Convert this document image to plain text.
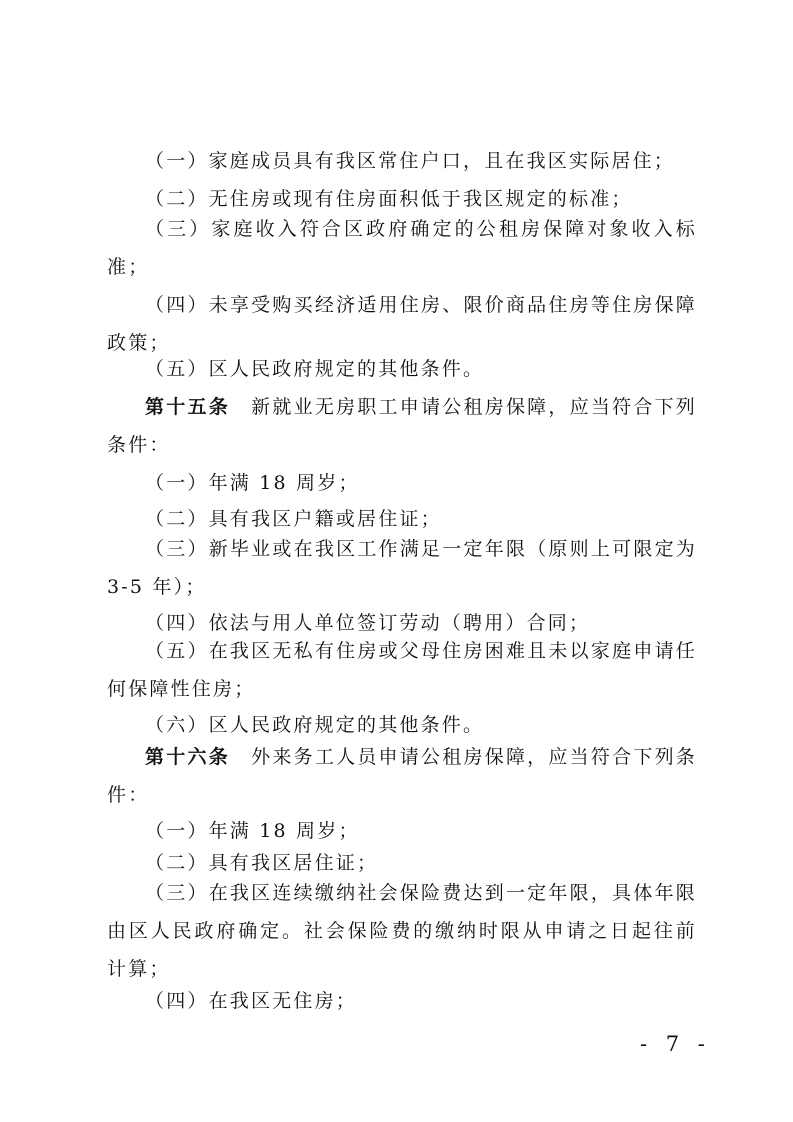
（一）家庭成员具有我区常住户口，且在我区实际居住；

（二）无住房或现有住房面积低于我区规定的标准；

（三）家庭收入符合区政府确定的公租房保障对象收入标准；

（四）未享受购买经济适用住房、限价商品住房等住房保障政策；

（五）区人民政府规定的其他条件。

第十五条　新就业无房职工申请公租房保障，应当符合下列条件：

（一）年满 18 周岁；

（二）具有我区户籍或居住证；

（三）新毕业或在我区工作满足一定年限（原则上可限定为3-5 年）；

（四）依法与用人单位签订劳动（聘用）合同；

（五）在我区无私有住房或父母住房困难且未以家庭申请任何保障性住房；

（六）区人民政府规定的其他条件。

第十六条　外来务工人员申请公租房保障，应当符合下列条件：

（一）年满 18 周岁；

（二）具有我区居住证；

（三）在我区连续缴纳社会保险费达到一定年限，具体年限由区人民政府确定。社会保险费的缴纳时限从申请之日起往前计算；

（四）在我区无住房；

- 7 -
